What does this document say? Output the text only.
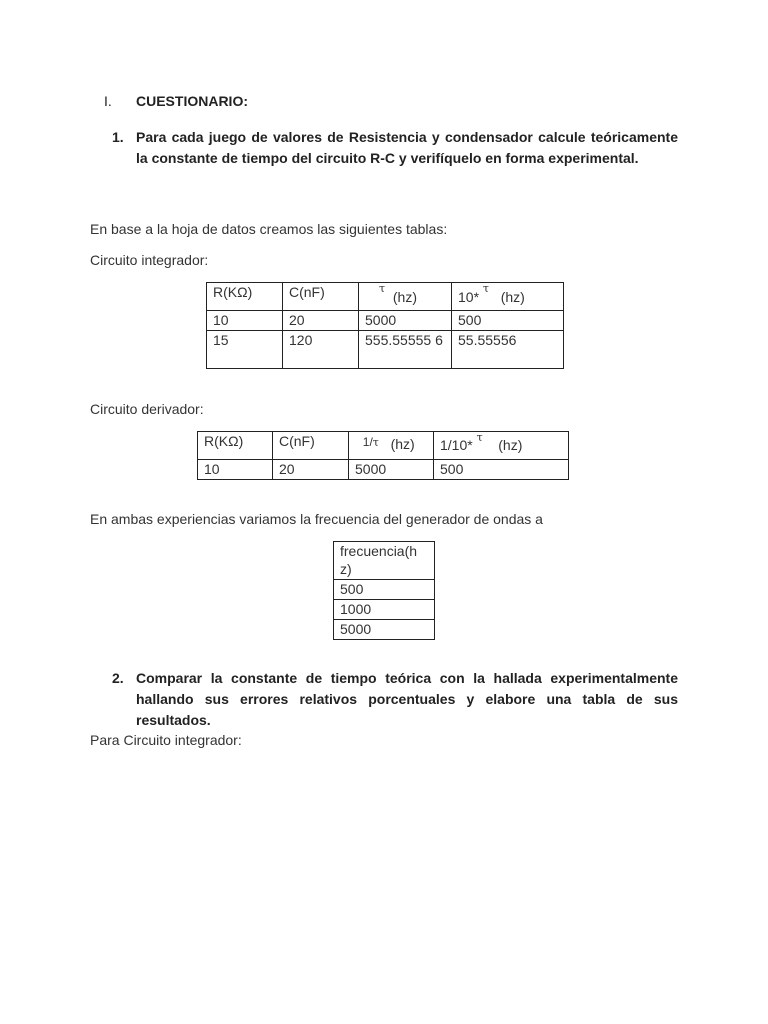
I. CUESTIONARIO:
1. Para cada juego de valores de Resistencia y condensador calcule teóricamente la constante de tiempo del circuito R-C y verifíquelo en forma experimental.
En base a la hoja de datos creamos las siguientes tablas:
Circuito integrador:
R(KΩ)	C(nF)	$^\tau$  (hz)	10* $^\tau$   (hz)
10	20	5000	500
15	120	555.55555 6	55.55556
Circuito derivador:
R(KΩ)	C(nF)	1/τ (hz)	1/10* $^\tau$ (hz)
10	20	5000	500
En ambas experiencias variamos la frecuencia del generador de ondas a
frecuencia(hz)
500
1000
5000
2. Comparar la constante de tiempo teórica con la hallada experimentalmente hallando sus errores relativos porcentuales y elabore una tabla de sus resultados.
Para Circuito integrador:
